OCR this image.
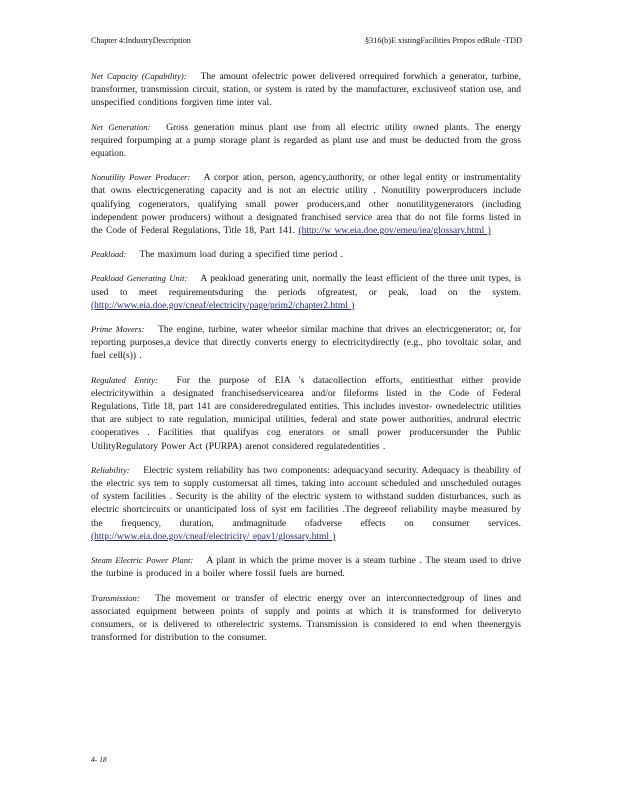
Chapter 4:IndustryDescription	§316(b)E xistingFacilities Propos edRule -TDD

Net Capacity (Capability): The amount ofelectric power delivered orrequired forwhich a generator, turbine, transformer, transmission circuit, station, or system is rated by the manufacturer, exclusiveof station use, and unspecified conditions forgiven time inter val.

Net Generation: Gross generation minus plant use from all electric utility owned plants. The energy required forpumping at a pump storage plant is regarded as plant use and must be deducted from the gross equation.

Nonutility Power Producer: A corpor ation, person, agency,authority, or other legal entity or instrumentality that owns electricgenerating capacity and is not an electric utility . Nonutility powerproducers include qualifying cogenerators, qualifying small power producers,and other nonutilitygenerators (including independent power producers) without a designated franchised service area that do not file forms listed in the Code of Federal Regulations, Title 18, Part 141. (http://w ww.eia.doe.gov/emeu/iea/glossary.html )

Peakload: The maximum load during a specified time period .

Peakload Generating Unit: A peakload generating unit, normally the least efficient of the three unit types, is used to meet requirementsduring the periods ofgreatest, or peak, load on the system. (http://www.eia.doe.gov/cneaf/electricity/page/prim2/chapter2.html )

Prime Movers: The engine, turbine, water wheelor similar machine that drives an electricgenerator; or, for reporting purposes,a device that directly converts energy to electricitydirectly (e.g., pho tovoltaic solar, and fuel cell(s)) .

Regulated Entity: For the purpose of EIA 's datacollection efforts, entitiesthat either provide electricitywithin a designated franchisedservicearea and/or fileforms listed in the Code of Federal Regulations, Title 18, part 141 are consideredregulated entities. This includes investor- ownedelectric utilities that are subject to rate regulation, municipal utilities, federal and state power authorities, andrural electric cooperatives . Facilities that qualifyas cog enerators or small power producersunder the Public UtilityRegulatory Power Act (PURPA) arenot considered regulatedentities .

Reliability: Electric system reliability has two components: adequacyand security. Adequacy is theability of the electric sys tem to supply customersat all times, taking into account scheduled and unscheduled outages of system facilities . Security is the ability of the electric system to withstand sudden disturbances, such as electric shortcircuits or unanticipated loss of syst em facilities .The degreeof reliability maybe measured by the frequency, duration, andmagnitude ofadverse effects on consumer services. (http://www.eia.doe.gov/cneaf/electricity/ epav1/glossary.html )

Steam Electric Power Plant: A plant in which the prime mover is a steam turbine . The steam used to drive the turbine is produced in a boiler where fossil fuels are burned.

Transmission: The movement or transfer of electric energy over an interconnectedgroup of lines and associated equipment between points of supply and points at which it is transformed for deliveryto consumers, or is delivered to otherelectric systems. Transmission is considered to end when theenergyis transformed for distribution to the consumer.

4- 18
